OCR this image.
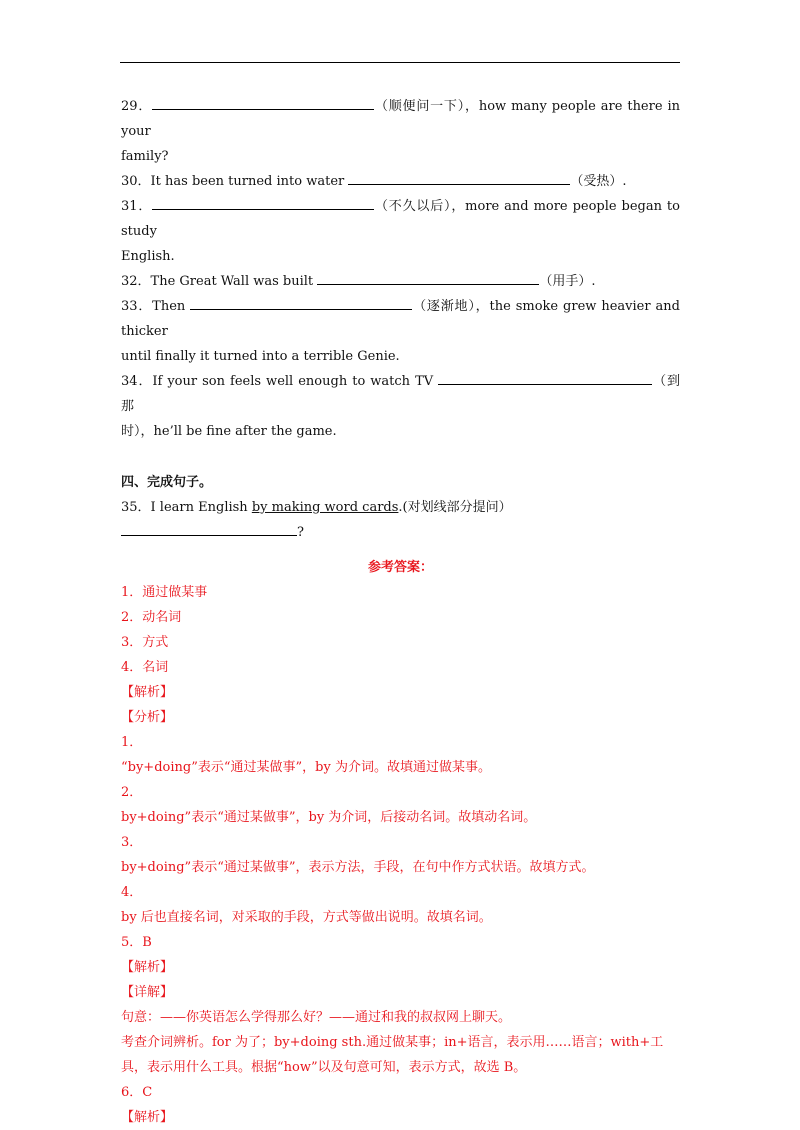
29．	（顺便问一下），how many people are there in your
family?

30．It has been turned into water	（受热）.

31．	（不久以后），more and more people began to study
English.

32．The Great Wall was built	（用手）.

33．Then	（逐渐地），the smoke grew heavier and thicker
until finally it turned into a terrible Genie.

34．If your son feels well enough to watch TV	（到那
时），he’ll be fine after the game.

四、完成句子。

35．I learn English by making word cards.(对划线部分提问）
?

参考答案：

1．通过做某事

2．动名词

3．方式

4．名词

【解析】

【分析】

1．

“by+doing”表示“通过某做事”，by 为介词。故填通过做某事。

2．

by+doing”表示“通过某做事”，by 为介词，后接动名词。故填动名词。

3．

by+doing”表示“通过某做事”，表示方法，手段，在句中作方式状语。故填方式。

4．

by 后也直接名词，对采取的手段，方式等做出说明。故填名词。

5．B

【解析】

【详解】

句意：——你英语怎么学得那么好？——通过和我的叔叔网上聊天。

考查介词辨析。for 为了；by+doing sth.通过做某事；in+语言，表示用……语言；with+工具，表示用什么工具。根据“how”以及句意可知，表示方式，故选 B。

6．C

【解析】
